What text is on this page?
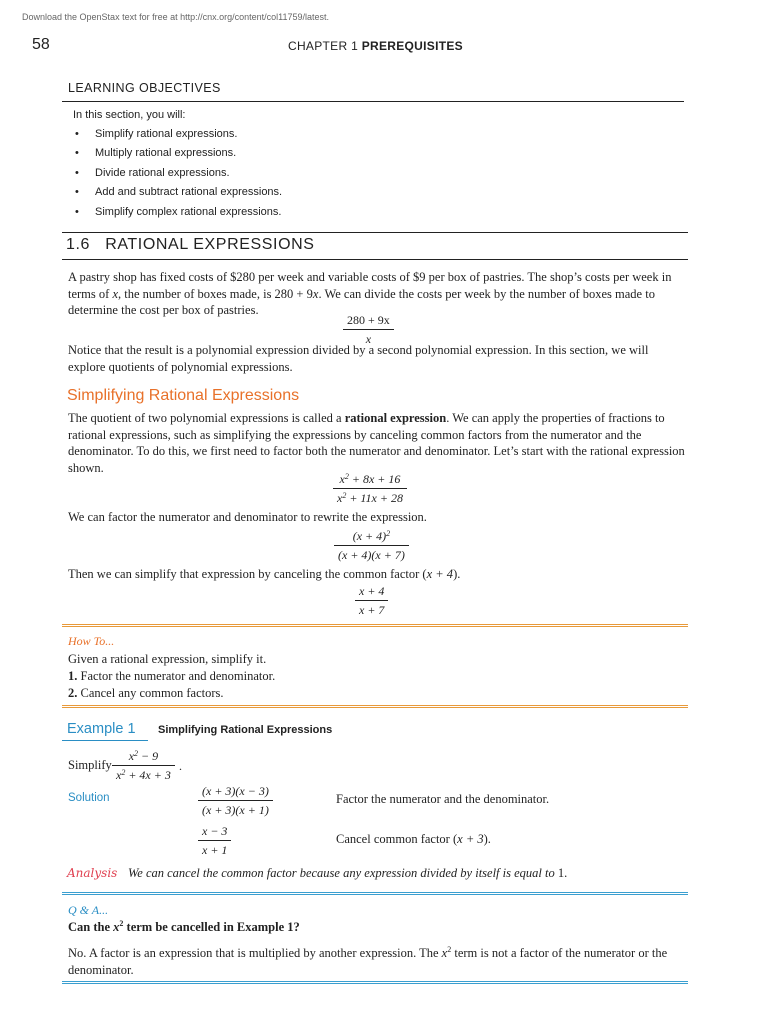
Download the OpenStax text for free at http://cnx.org/content/col11759/latest.
58	CHAPTER 1 PREREQUISITES
LEARNING OBJECTIVES
In this section, you will:
• Simplify rational expressions.
• Multiply rational expressions.
• Divide rational expressions.
• Add and subtract rational expressions.
• Simplify complex rational expressions.
1.6 RATIONAL EXPRESSIONS

A pastry shop has fixed costs of $280 per week and variable costs of $9 per box of pastries. The shop’s costs per week in terms of x, the number of boxes made, is 280 + 9x. We can divide the costs per week by the number of boxes made to determine the cost per box of pastries.

$\frac{280 + 9x}{x}$

Notice that the result is a polynomial expression divided by a second polynomial expression. In this section, we will explore quotients of polynomial expressions.

Simplifying Rational Expressions

The quotient of two polynomial expressions is called a rational expression. We can apply the properties of fractions to rational expressions, such as simplifying the expressions by canceling common factors from the numerator and the denominator. To do this, we first need to factor both the numerator and denominator. Let’s start with the rational expression shown.

$\frac{x^2 + 8x + 16}{x^2 + 11x + 28}$

We can factor the numerator and denominator to rewrite the expression.

$\frac{(x + 4)^2}{(x + 4)(x + 7)}$

Then we can simplify that expression by canceling the common factor (x + 4).

$\frac{x + 4}{x + 7}$
How To...

Given a rational expression, simplify it.

1. Factor the numerator and denominator.

2. Cancel any common factors.

Example 1 Simplifying Rational Expressions

Simplify $\frac{x^2 - 9}{x^2 + 4x + 3}$ .
Solution	$\frac{(x + 3)(x - 3)}{(x + 3)(x + 1)}$	Factor the numerator and the denominator.

$\frac{x - 3}{x + 1}$	Cancel common factor (x + 3).

Analysis We can cancel the common factor because any expression divided by itself is equal to 1.

Q & A...
Can the $x^2$ term be cancelled in Example 1?

No. A factor is an expression that is multiplied by another expression. The $x^2$ term is not a factor of the numerator or the denominator.
